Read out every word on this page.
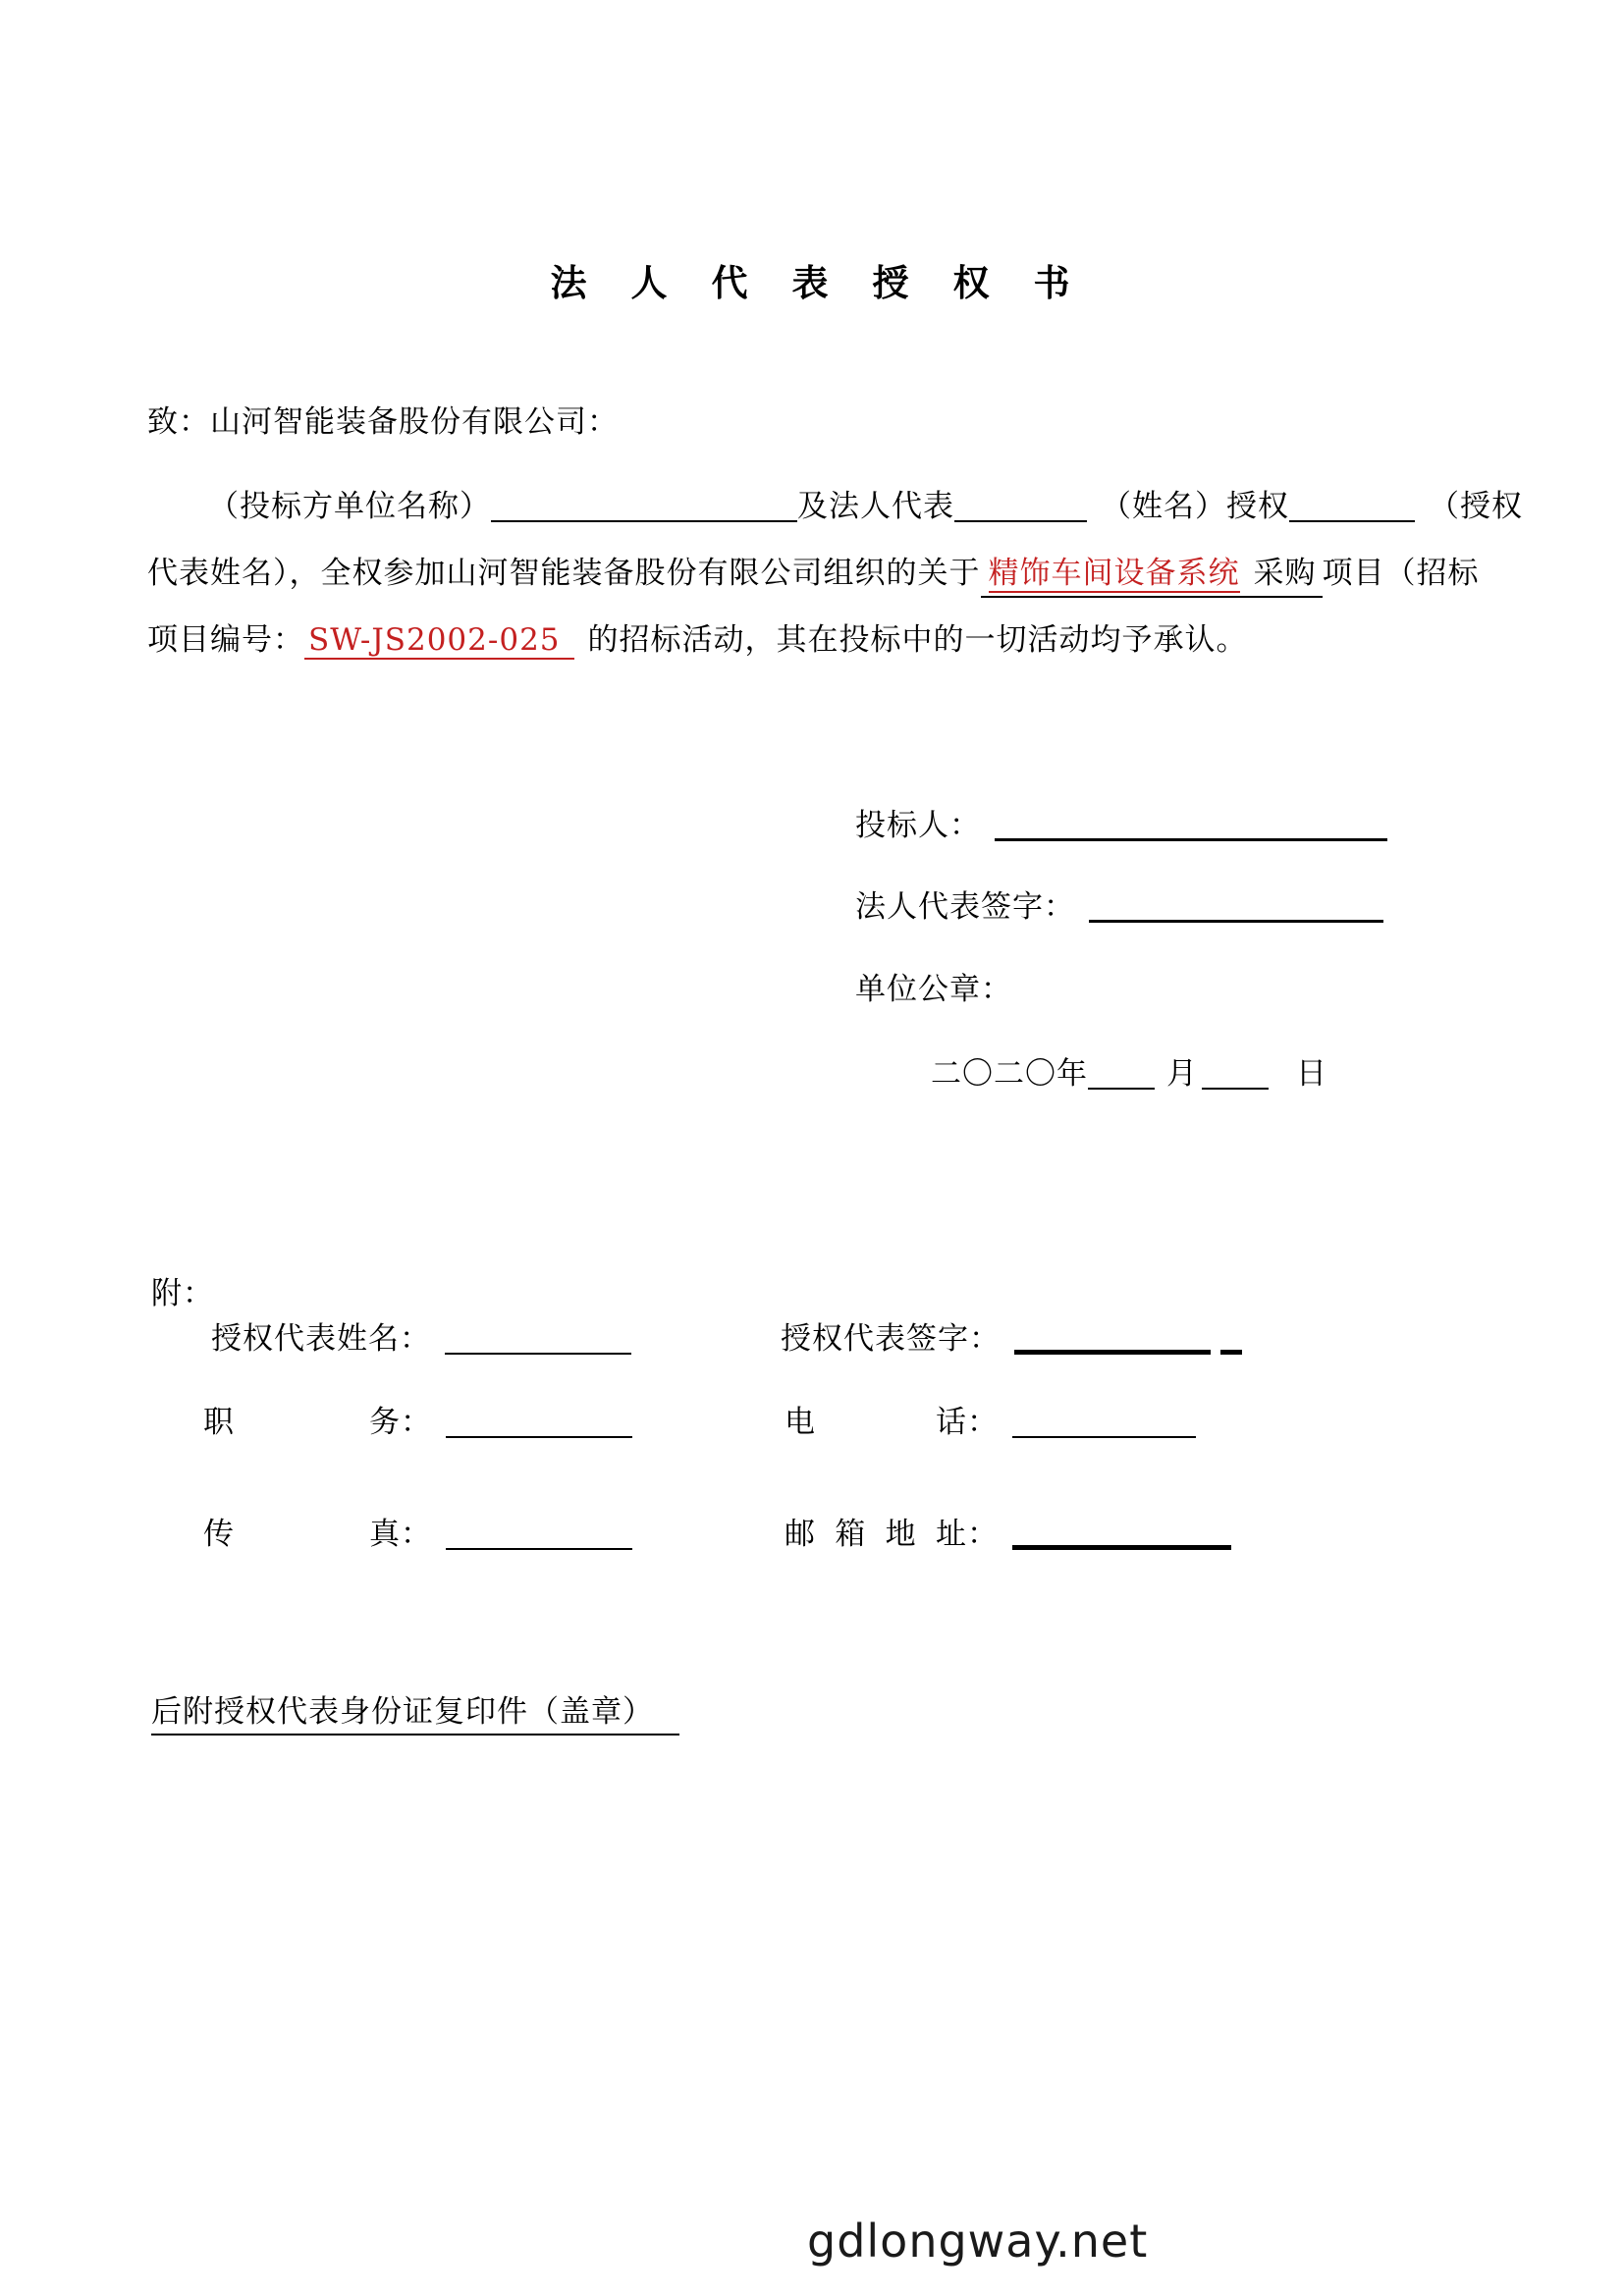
法　人　代　表　授　权　书
致：山河智能装备股份有限公司：
（投标方单位名称）	及法人代表	（姓名）授权	（授权
代表姓名），全权参加山河智能装备股份有限公司组织的关于 精饰车间设备系统 采购 项目（招标
项目编号： SW-JS2002-025 的招标活动，其在投标中的一切活动均予承认。
投标人：
法人代表签字：
单位公章：
二〇二〇年	月	日
附：
授权代表姓名：	授权代表签字：
职	务：	电	话：
传	真：	邮 箱 地 址：
后附授权代表身份证复印件（盖章）
gdlongway.net
